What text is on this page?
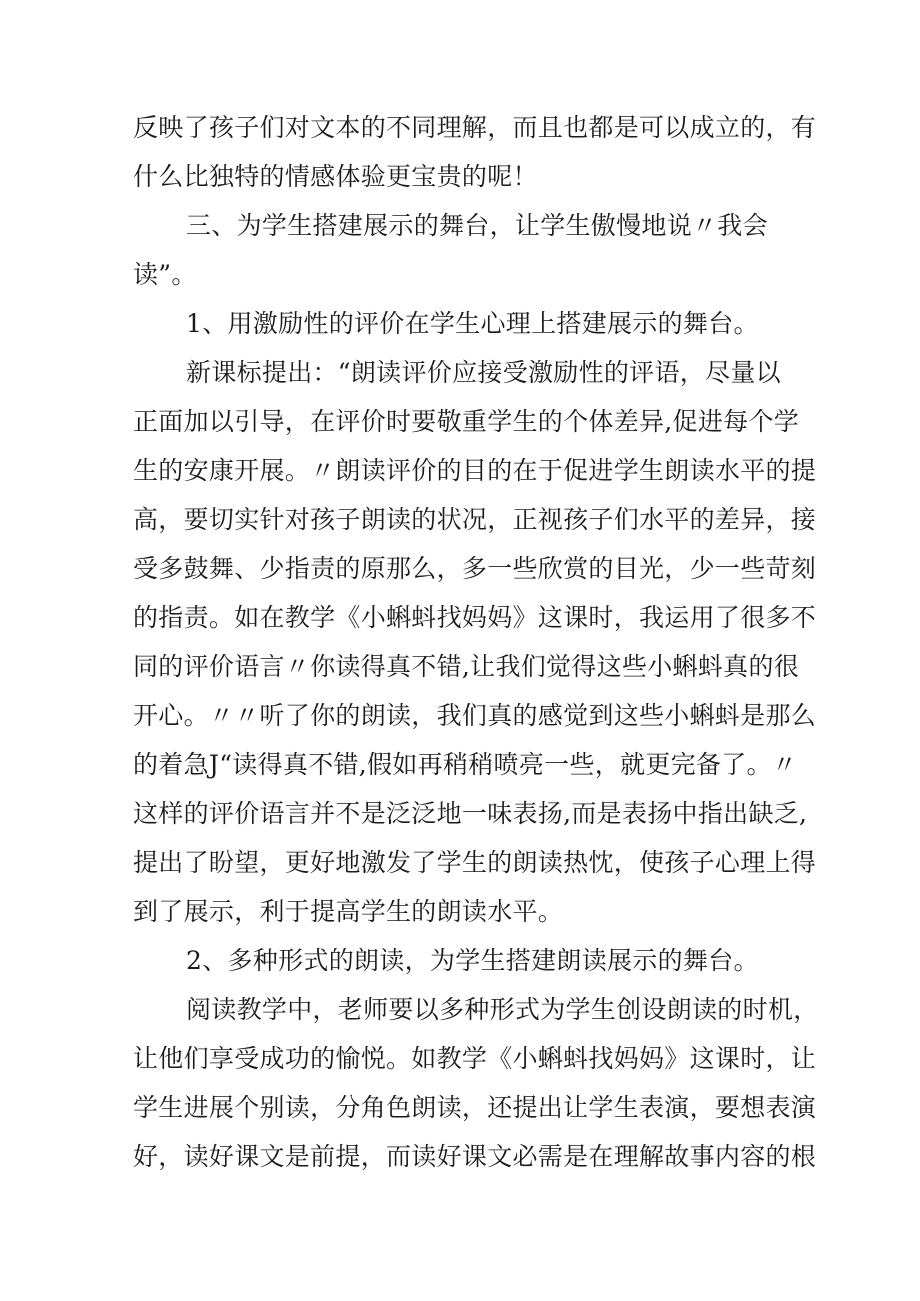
反映了孩子们对文本的不同理解，而且也都是可以成立的，有
什么比独特的情感体验更宝贵的呢！
三、为学生搭建展示的舞台，让学生傲慢地说〃我会
读”。
1、用激励性的评价在学生心理上搭建展示的舞台。
新课标提出：“朗读评价应接受激励性的评语，尽量以
正面加以引导，在评价时要敬重学生的个体差异,促进每个学
生的安康开展。〃朗读评价的目的在于促进学生朗读水平的提
高，要切实针对孩子朗读的状况，正视孩子们水平的差异，接
受多鼓舞、少指责的原那么，多一些欣赏的目光，少一些苛刻
的指责。如在教学《小蝌蚪找妈妈》这课时，我运用了很多不
同的评价语言〃你读得真不错,让我们觉得这些小蝌蚪真的很
开心。〃〃听了你的朗读，我们真的感觉到这些小蝌蚪是那么
的着急J“读得真不错,假如再稍稍喷亮一些，就更完备了。〃
这样的评价语言并不是泛泛地一味表扬,而是表扬中指出缺乏,
提出了盼望，更好地激发了学生的朗读热忱，使孩子心理上得
到了展示，利于提高学生的朗读水平。
2、多种形式的朗读，为学生搭建朗读展示的舞台。
阅读教学中，老师要以多种形式为学生创设朗读的时机，
让他们享受成功的愉悦。如教学《小蝌蚪找妈妈》这课时，让
学生进展个别读，分角色朗读，还提出让学生表演，要想表演
好，读好课文是前提，而读好课文必需是在理解故事内容的根
